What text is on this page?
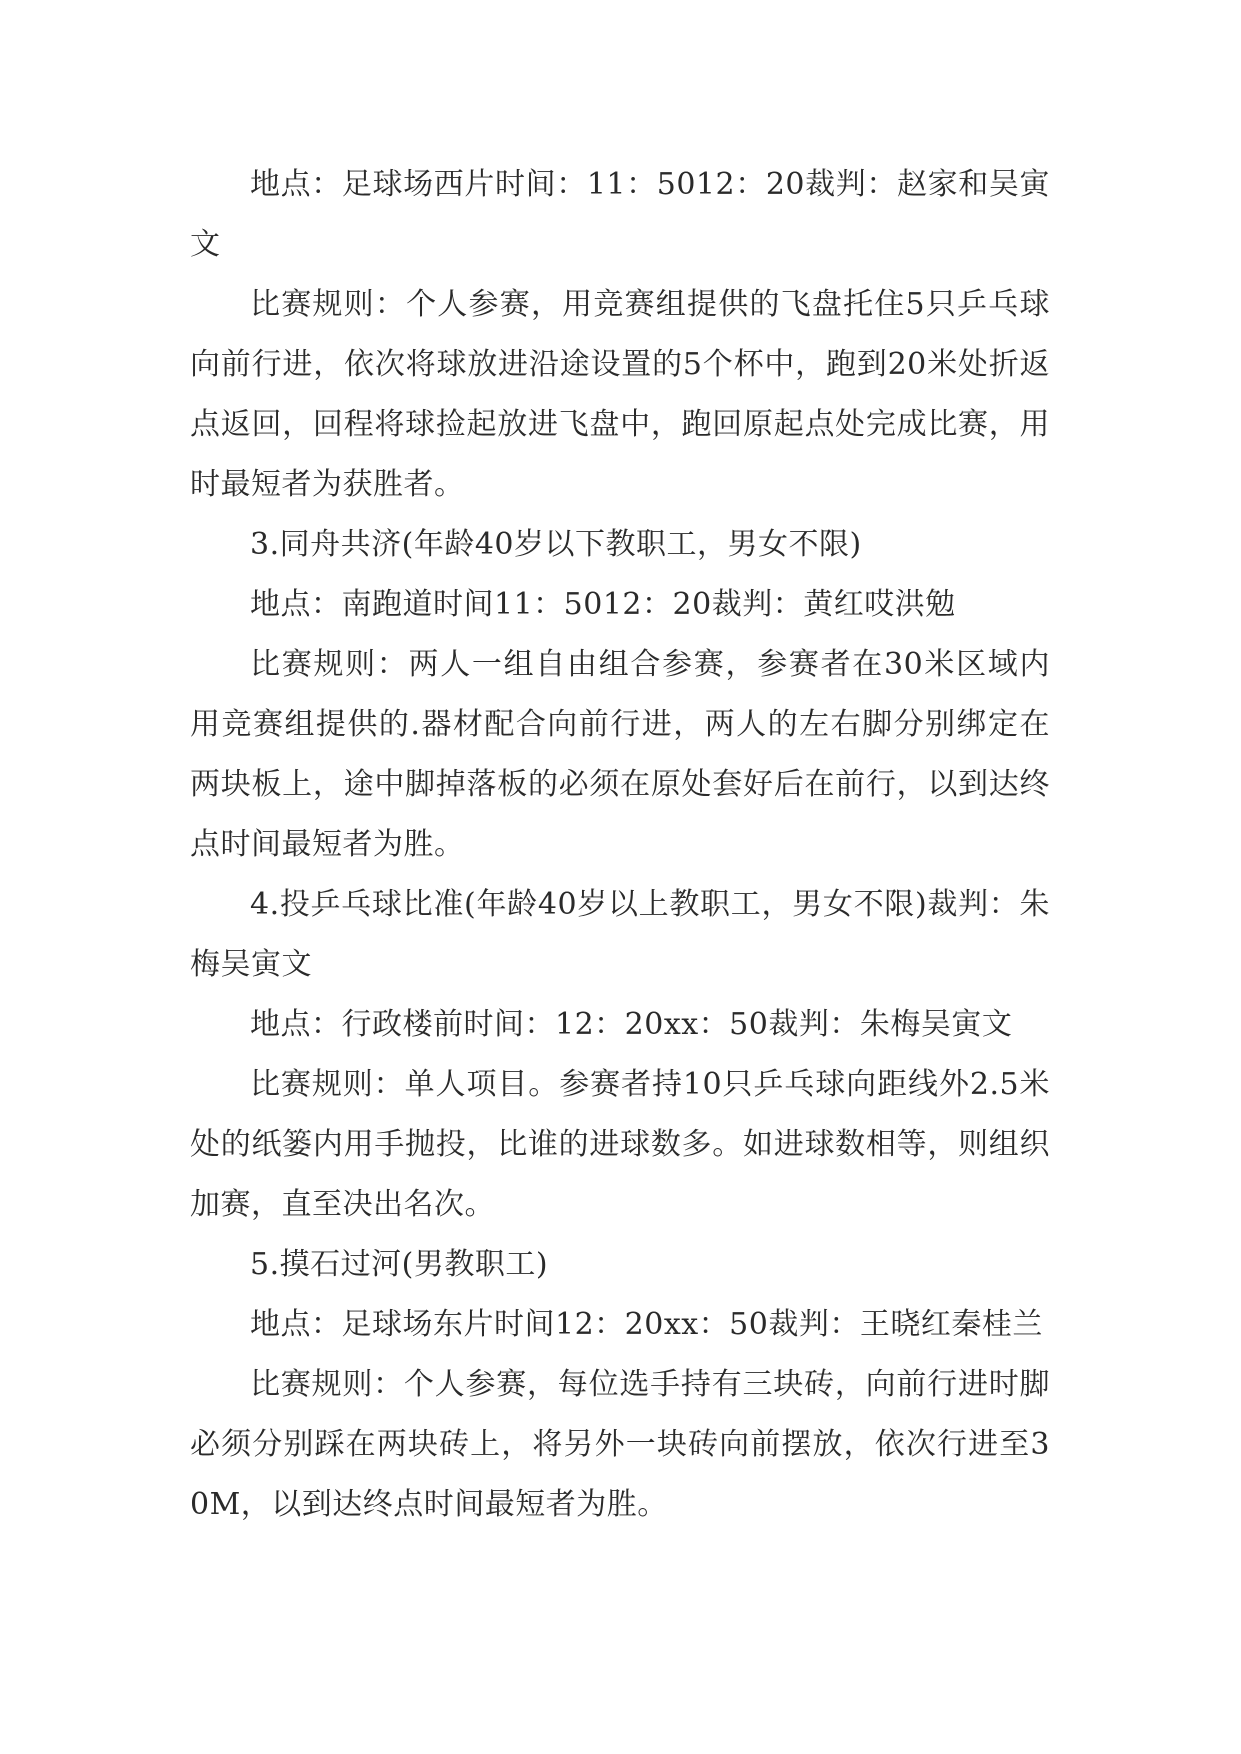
地点：足球场西片时间：11：5012：20裁判：赵家和吴寅文

比赛规则：个人参赛，用竞赛组提供的飞盘托住5只乒乓球向前行进，依次将球放进沿途设置的5个杯中，跑到20米处折返点返回，回程将球捡起放进飞盘中，跑回原起点处完成比赛，用时最短者为获胜者。

3.同舟共济(年龄40岁以下教职工，男女不限)

地点：南跑道时间11：5012：20裁判：黄红哎洪勉

比赛规则：两人一组自由组合参赛，参赛者在30米区域内用竞赛组提供的.器材配合向前行进，两人的左右脚分别绑定在两块板上，途中脚掉落板的必须在原处套好后在前行，以到达终点时间最短者为胜。

4.投乒乓球比准(年龄40岁以上教职工，男女不限)裁判：朱梅吴寅文

地点：行政楼前时间：12：20xx：50裁判：朱梅吴寅文

比赛规则：单人项目。参赛者持10只乒乓球向距线外2.5米处的纸篓内用手抛投，比谁的进球数多。如进球数相等，则组织加赛，直至决出名次。

5.摸石过河(男教职工)

地点：足球场东片时间12：20xx：50裁判：王晓红秦桂兰

比赛规则：个人参赛，每位选手持有三块砖，向前行进时脚必须分别踩在两块砖上，将另外一块砖向前摆放，依次行进至30M，以到达终点时间最短者为胜。
